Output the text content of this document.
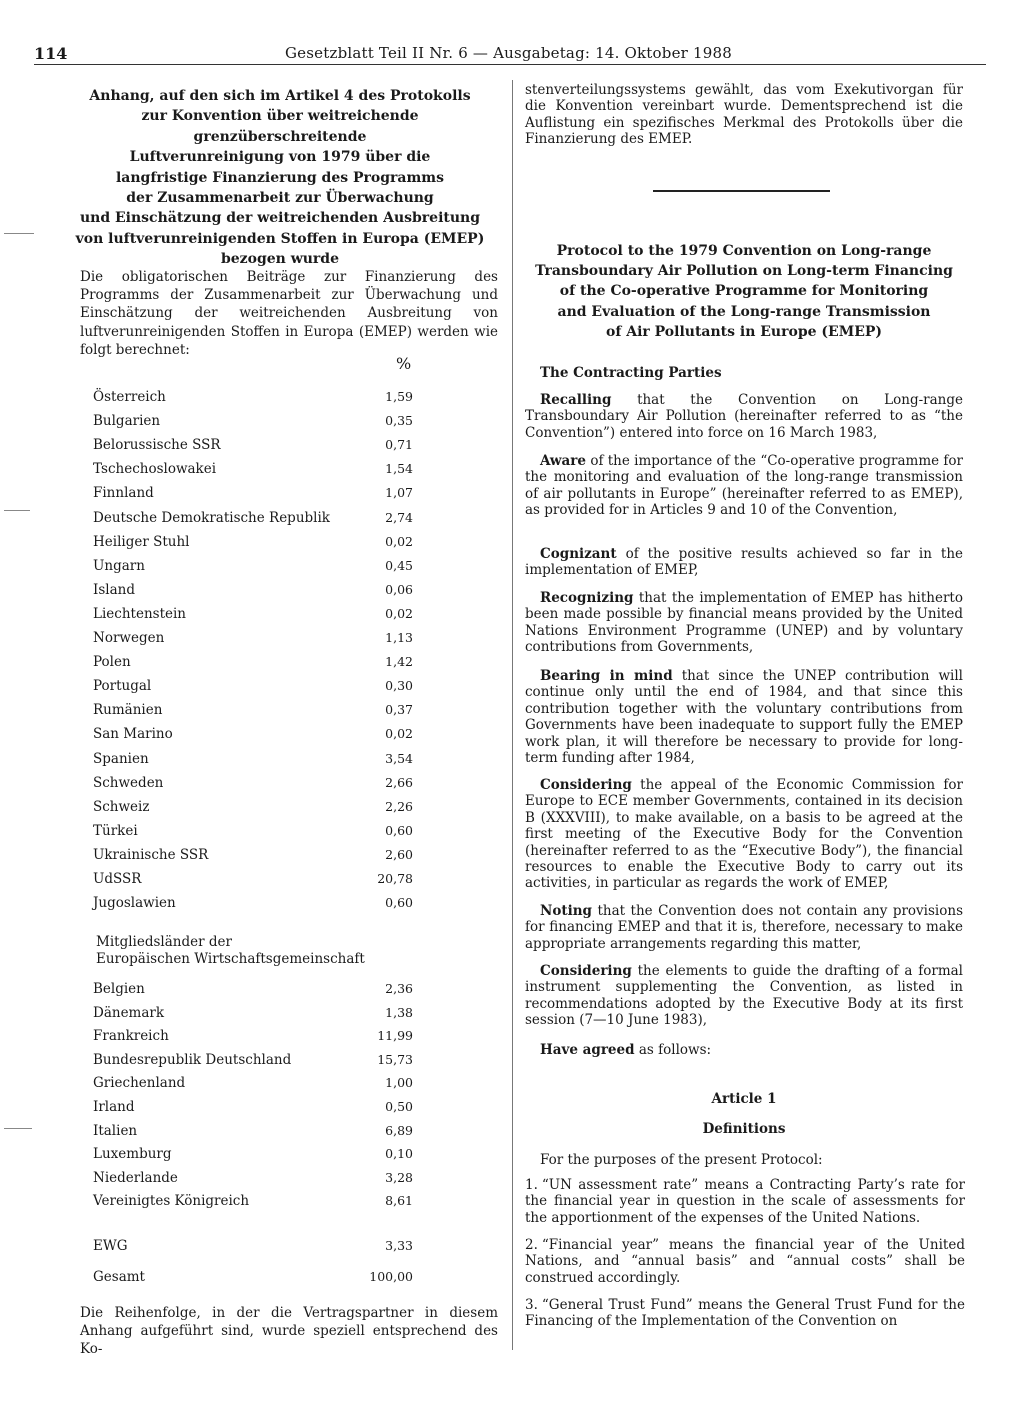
114	Gesetzblatt Teil II Nr. 6 — Ausgabetag: 14. Oktober 1988
Anhang, auf den sich im Artikel 4 des Protokolls
zur Konvention über weitreichende grenzüberschreitende
Luftverunreinigung von 1979 über die
langfristige Finanzierung des Programms
der Zusammenarbeit zur Überwachung
und Einschätzung der weitreichenden Ausbreitung
von luftverunreinigenden Stoffen in Europa (EMEP)
bezogen wurde
Die obligatorischen Beiträge zur Finanzierung des Programms der Zusammenarbeit zur Überwachung und Einschätzung der weitreichenden Ausbreitung von luftverunreinigenden Stoffen in Europa (EMEP) werden wie folgt berechnet:
%
Österreich	1,59
Bulgarien	0,35
Belorussische SSR	0,71
Tschechoslowakei	1,54
Finnland	1,07
Deutsche Demokratische Republik	2,74
Heiliger Stuhl	0,02
Ungarn	0,45
Island	0,06
Liechtenstein	0,02
Norwegen	1,13
Polen	1,42
Portugal	0,30
Rumänien	0,37
San Marino	0,02
Spanien	3,54
Schweden	2,66
Schweiz	2,26
Türkei	0,60
Ukrainische SSR	2,60
UdSSR	20,78
Jugoslawien	0,60
Mitgliedsländer der
Europäischen Wirtschaftsgemeinschaft
Belgien	2,36
Dänemark	1,38
Frankreich	11,99
Bundesrepublik Deutschland	15,73
Griechenland	1,00
Irland	0,50
Italien	6,89
Luxemburg	0,10
Niederlande	3,28
Vereinigtes Königreich	8,61
EWG	3,33
Gesamt	100,00
Die Reihenfolge, in der die Vertragspartner in diesem Anhang aufgeführt sind, wurde speziell entsprechend des Ko-
stenverteilungssystems gewählt, das vom Exekutivorgan für die Konvention vereinbart wurde. Dementsprechend ist die Auflistung ein spezifisches Merkmal des Protokolls über die Finanzierung des EMEP.
Protocol to the 1979 Convention on Long-range
Transboundary Air Pollution on Long-term Financing
of the Co-operative Programme for Monitoring
and Evaluation of the Long-range Transmission
of Air Pollutants in Europe (EMEP)
The Contracting Parties
Recalling that the Convention on Long-range Transboundary Air Pollution (hereinafter referred to as “the Convention”) entered into force on 16 March 1983,
Aware of the importance of the “Co-operative programme for the monitoring and evaluation of the long-range transmission of air pollutants in Europe” (hereinafter referred to as EMEP), as provided for in Articles 9 and 10 of the Convention,
Cognizant of the positive results achieved so far in the implementation of EMEP,
Recognizing that the implementation of EMEP has hitherto been made possible by financial means provided by the United Nations Environment Programme (UNEP) and by voluntary contributions from Governments,
Bearing in mind that since the UNEP contribution will continue only until the end of 1984, and that since this contribution together with the voluntary contributions from Governments have been inadequate to support fully the EMEP work plan, it will therefore be necessary to provide for long-term funding after 1984,
Considering the appeal of the Economic Commission for Europe to ECE member Governments, contained in its decision B (XXXVIII), to make available, on a basis to be agreed at the first meeting of the Executive Body for the Convention (hereinafter referred to as the “Executive Body”), the financial resources to enable the Executive Body to carry out its activities, in particular as regards the work of EMEP,
Noting that the Convention does not contain any provisions for financing EMEP and that it is, therefore, necessary to make appropriate arrangements regarding this matter,
Considering the elements to guide the drafting of a formal instrument supplementing the Convention, as listed in recommendations adopted by the Executive Body at its first session (7—10 June 1983),
Have agreed as follows:
Article 1
Definitions
For the purposes of the present Protocol:
1. “UN assessment rate” means a Contracting Party’s rate for the financial year in question in the scale of assessments for the apportionment of the expenses of the United Nations.
2. “Financial year” means the financial year of the United Nations, and “annual basis” and “annual costs” shall be construed accordingly.
3. “General Trust Fund” means the General Trust Fund for the Financing of the Implementation of the Convention on
